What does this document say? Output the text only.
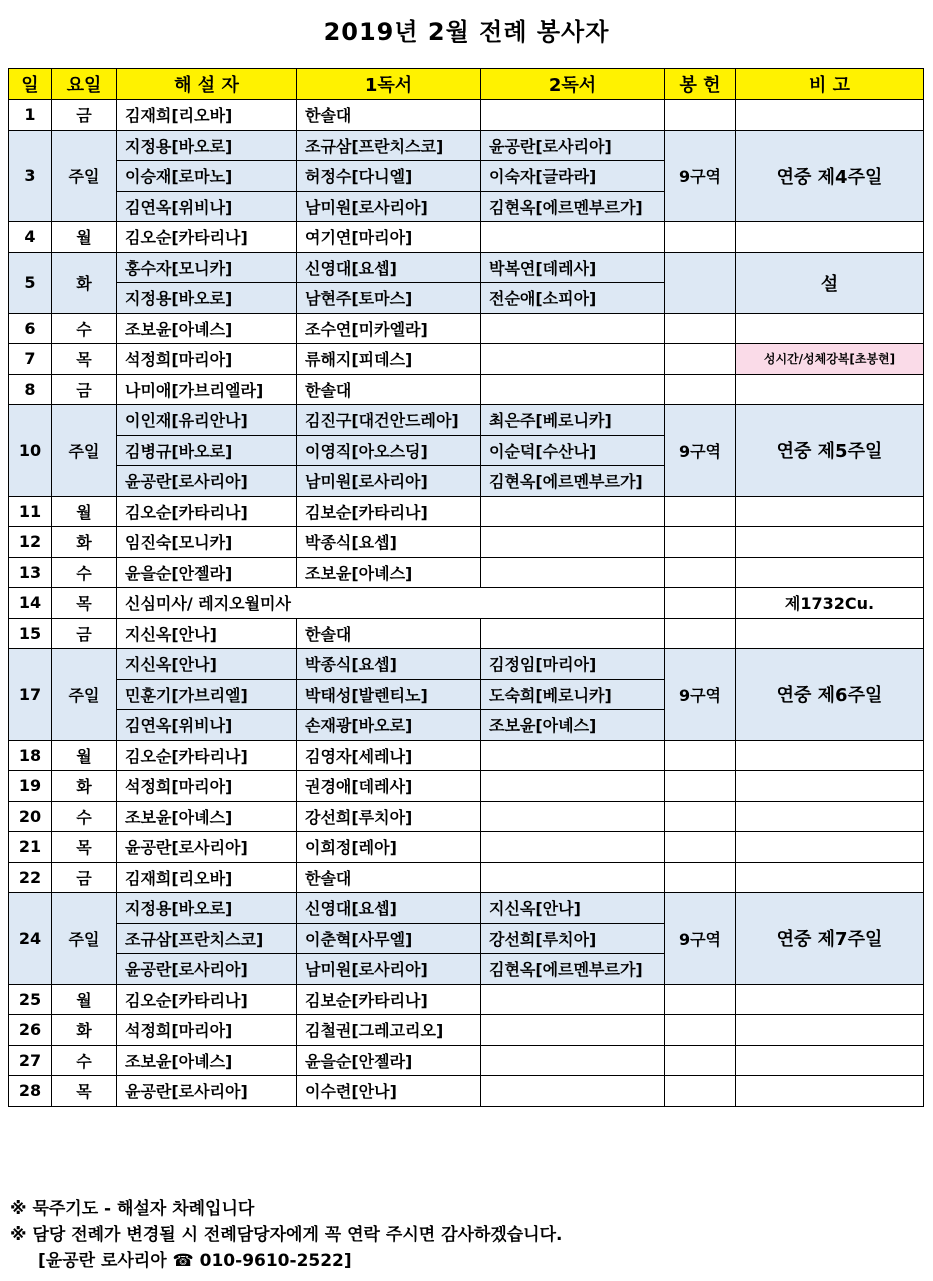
2019년 2월 전례 봉사자
일	요일	해 설 자	1독서	2독서	봉 헌	비 고
1	금	김재희[리오바]	한솔대			
3	주일	지정용[바오로]	조규삼[프란치스코]	윤공란[로사리아]	9구역	연중 제4주일
		이승재[로마노]	허정수[다니엘]	이숙자[글라라]		
		김연옥[위비나]	남미원[로사리아]	김현옥[에르멘부르가]		
4	월	김오순[카타리나]	여기연[마리아]			
5	화	홍수자[모니카]	신영대[요셉]	박복연[데레사]		설
		지정용[바오로]	남현주[토마스]	전순애[소피아]		
6	수	조보윤[아녜스]	조수연[미카엘라]			
7	목	석정희[마리아]	류해지[피데스]			성시간/성체강복[초봉현]
8	금	나미애[가브리엘라]	한솔대			
10	주일	이인재[유리안나]	김진구[대건안드레아]	최은주[베로니카]	9구역	연중 제5주일
		김병규[바오로]	이영직[아오스딩]	이순덕[수산나]		
		윤공란[로사리아]	남미원[로사리아]	김현옥[에르멘부르가]		
11	월	김오순[카타리나]	김보순[카타리나]			
12	화	임진숙[모니카]	박종식[요셉]			
13	수	윤을순[안젤라]	조보윤[아녜스]			
14	목	신심미사/ 레지오월미사				제1732Cu.
15	금	지신옥[안나]	한솔대			
17	주일	지신옥[안나]	박종식[요셉]	김정임[마리아]	9구역	연중 제6주일
		민훈기[가브리엘]	박태성[발렌티노]	도숙희[베로니카]		
		김연옥[위비나]	손재광[바오로]	조보윤[아녜스]		
18	월	김오순[카타리나]	김영자[세레나]			
19	화	석정희[마리아]	권경애[데레사]			
20	수	조보윤[아녜스]	강선희[루치아]			
21	목	윤공란[로사리아]	이희정[레아]			
22	금	김재희[리오바]	한솔대			
24	주일	지정용[바오로]	신영대[요셉]	지신옥[안나]	9구역	연중 제7주일
		조규삼[프란치스코]	이춘혁[사무엘]	강선희[루치아]		
		윤공란[로사리아]	남미원[로사리아]	김현옥[에르멘부르가]		
25	월	김오순[카타리나]	김보순[카타리나]			
26	화	석정희[마리아]	김철권[그레고리오]			
27	수	조보윤[아녜스]	윤을순[안젤라]			
28	목	윤공란[로사리아]	이수련[안나]			
※ 묵주기도 - 해설자 차례입니다
※ 담당 전례가 변경될 시 전례담당자에게 꼭 연락 주시면 감사하겠습니다.
[윤공란 로사리아 ☎ 010-9610-2522]
